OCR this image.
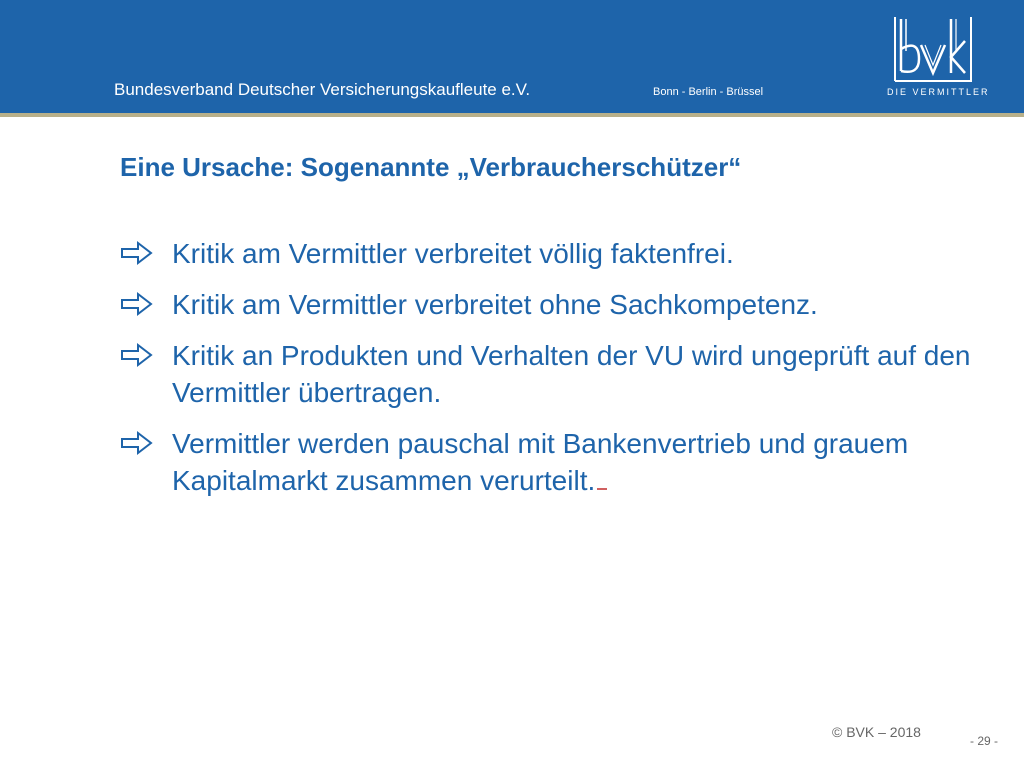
Bundesverband Deutscher Versicherungskaufleute e.V.	Bonn - Berlin - Brüssel	DIE VERMITTLER
Eine Ursache: Sogenannte „Verbraucherschützer“
Kritik am Vermittler verbreitet völlig faktenfrei.
Kritik am Vermittler verbreitet ohne Sachkompetenz.
Kritik an Produkten und Verhalten der VU wird ungeprüft auf den Vermittler übertragen.
Vermittler werden pauschal mit Bankenvertrieb und grauem Kapitalmarkt zusammen verurteilt.
© BVK – 2018
- 29 -
